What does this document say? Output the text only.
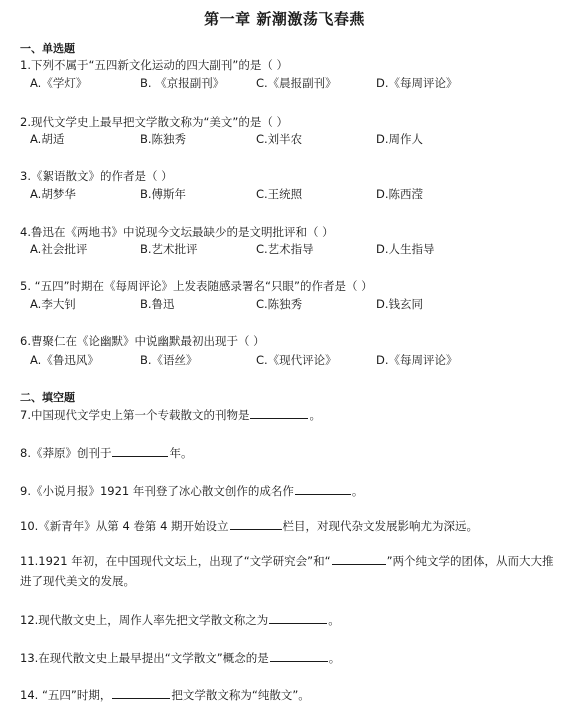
第一章 新潮激荡飞春燕
一、单选题
1.下列不属于“五四新文化运动的四大副刊”的是（ ）
A.《学灯》	B. 《京报副刊》	C.《晨报副刊》	D.《每周评论》
2.现代文学史上最早把文学散文称为“美文”的是（ ）
A.胡适	B.陈独秀	C.刘半农	D.周作人
3.《絮语散文》的作者是（ ）
A.胡梦华	B.傅斯年	C.王统照	D.陈西滢
4.鲁迅在《两地书》中说现今文坛最缺少的是文明批评和（ ）
A.社会批评	B.艺术批评	C.艺术指导	D.人生指导
5. “五四”时期在《每周评论》上发表随感录署名“只眼”的作者是（ ）
A.李大钊	B.鲁迅	C.陈独秀	D.钱玄同
6.曹聚仁在《论幽默》中说幽默最初出现于（ ）
A.《鲁迅风》	B.《语丝》	C.《现代评论》	D.《每周评论》
二、填空题
7.中国现代文学史上第一个专载散文的刊物是	。
8.《莽原》创刊于	年。
9.《小说月报》1921 年刊登了冰心散文创作的成名作	。
10.《新青年》从第 4 卷第 4 期开始设立	栏目，对现代杂文发展影响尤为深远。
11.1921 年初，在中国现代文坛上，出现了“文学研究会”和“	”两个纯文学的团体，从而大大推进了现代美文的发展。
12.现代散文史上，周作人率先把文学散文称之为	。
13.在现代散文史上最早提出“文学散文”概念的是	。
14. “五四”时期，	把文学散文称为“纯散文”。
